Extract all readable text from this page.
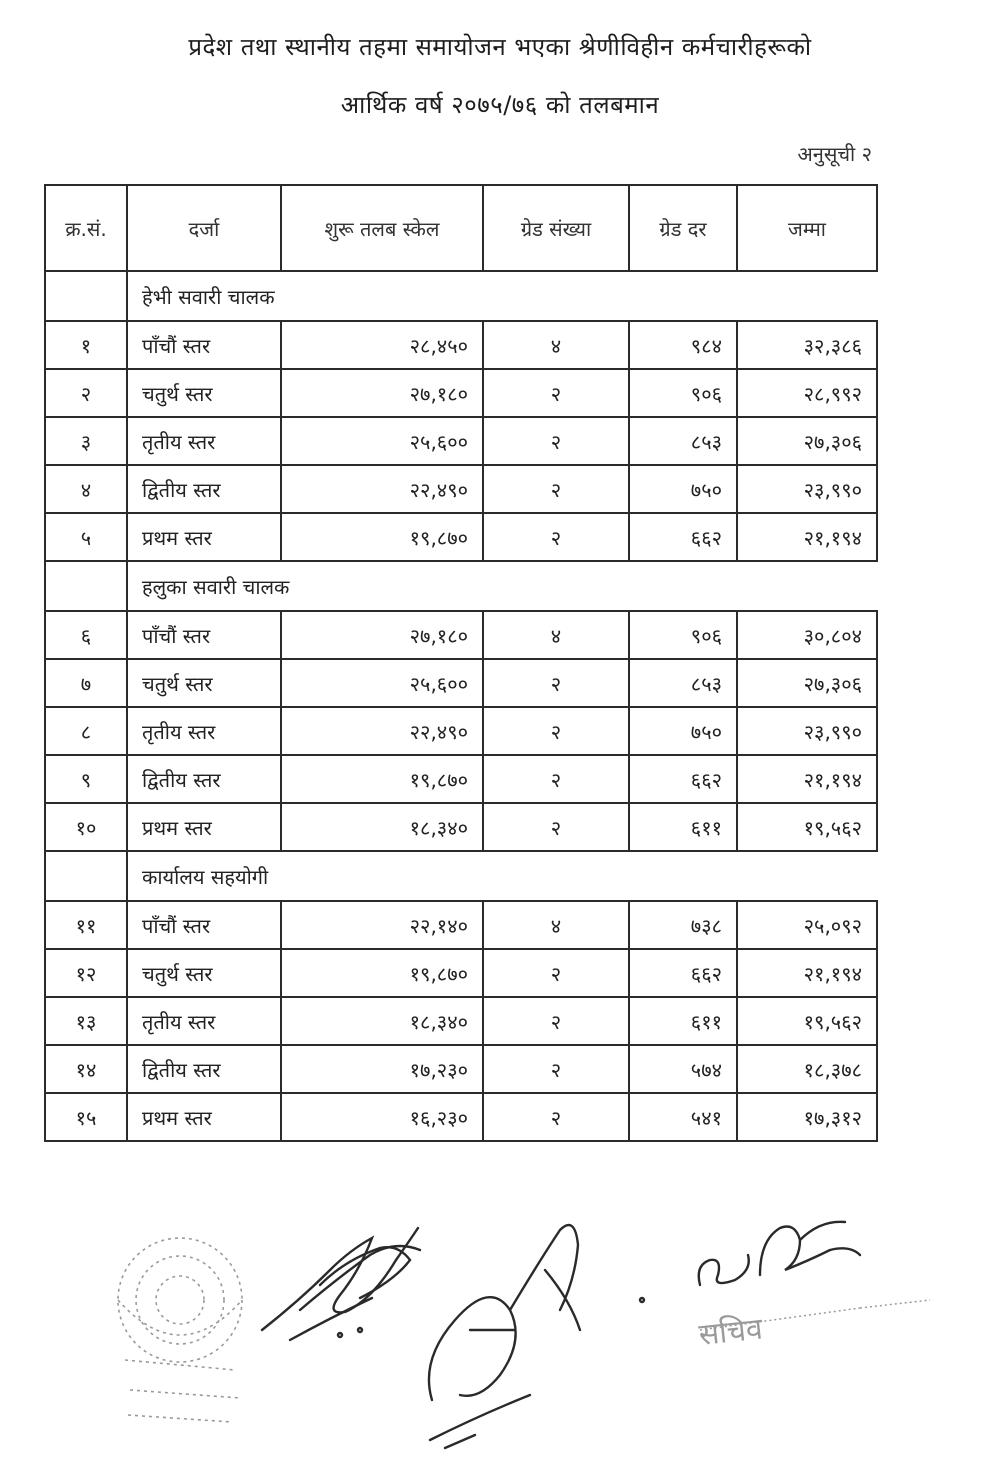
प्रदेश तथा स्थानीय तहमा समायोजन भएका श्रेणीविहीन कर्मचारीहरूको
आर्थिक वर्ष २०७५/७६ को तलबमान
अनुसूची २
क्र.सं.	दर्जा	शुरू तलब स्केल	ग्रेड संख्या	ग्रेड दर	जम्मा
	हेभी सवारी चालक				
१	पाँचौं स्तर	२८,४५०	४	९८४	३२,३८६
२	चतुर्थ स्तर	२७,१८०	२	९०६	२८,९९२
३	तृतीय स्तर	२५,६००	२	८५३	२७,३०६
४	द्वितीय स्तर	२२,४९०	२	७५०	२३,९९०
५	प्रथम स्तर	१९,८७०	२	६६२	२१,१९४
	हलुका सवारी चालक				
६	पाँचौं स्तर	२७,१८०	४	९०६	३०,८०४
७	चतुर्थ स्तर	२५,६००	२	८५३	२७,३०६
८	तृतीय स्तर	२२,४९०	२	७५०	२३,९९०
९	द्वितीय स्तर	१९,८७०	२	६६२	२१,१९४
१०	प्रथम स्तर	१८,३४०	२	६११	१९,५६२
	कार्यालय सहयोगी				
११	पाँचौं स्तर	२२,१४०	४	७३८	२५,०९२
१२	चतुर्थ स्तर	१९,८७०	२	६६२	२१,१९४
१३	तृतीय स्तर	१८,३४०	२	६११	१९,५६२
१४	द्वितीय स्तर	१७,२३०	२	५७४	१८,३७८
१५	प्रथम स्तर	१६,२३०	२	५४१	१७,३१२
सचिव
